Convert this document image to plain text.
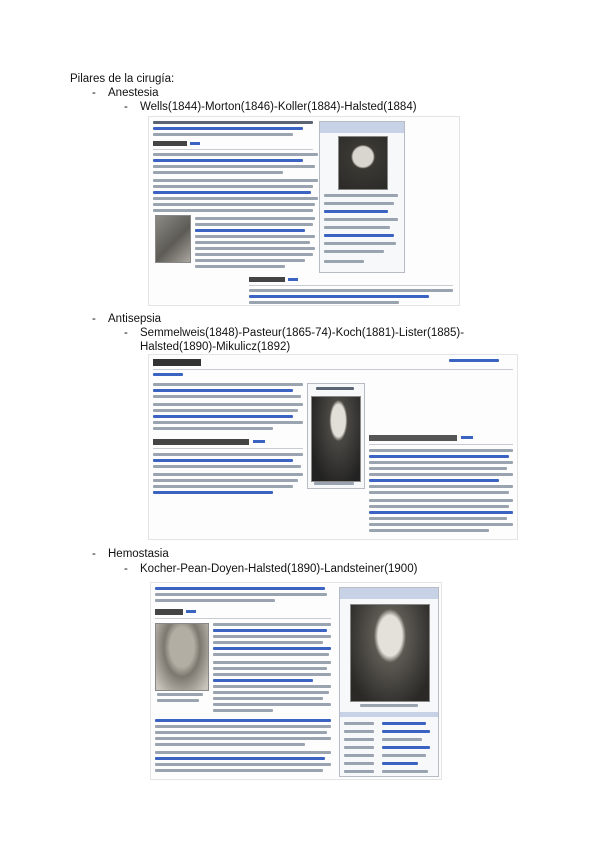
Pilares de la cirugía:
- Anestesia
- Wells(1844)-Morton(1846)-Koller(1884)-Halsted(1884)
- Antisepsia
- Semmelweis(1848)-Pasteur(1865-74)-Koch(1881)-Lister(1885)-
Halsted(1890)-Mikulicz(1892)
- Hemostasia
- Kocher-Pean-Doyen-Halsted(1890)-Landsteiner(1900)
